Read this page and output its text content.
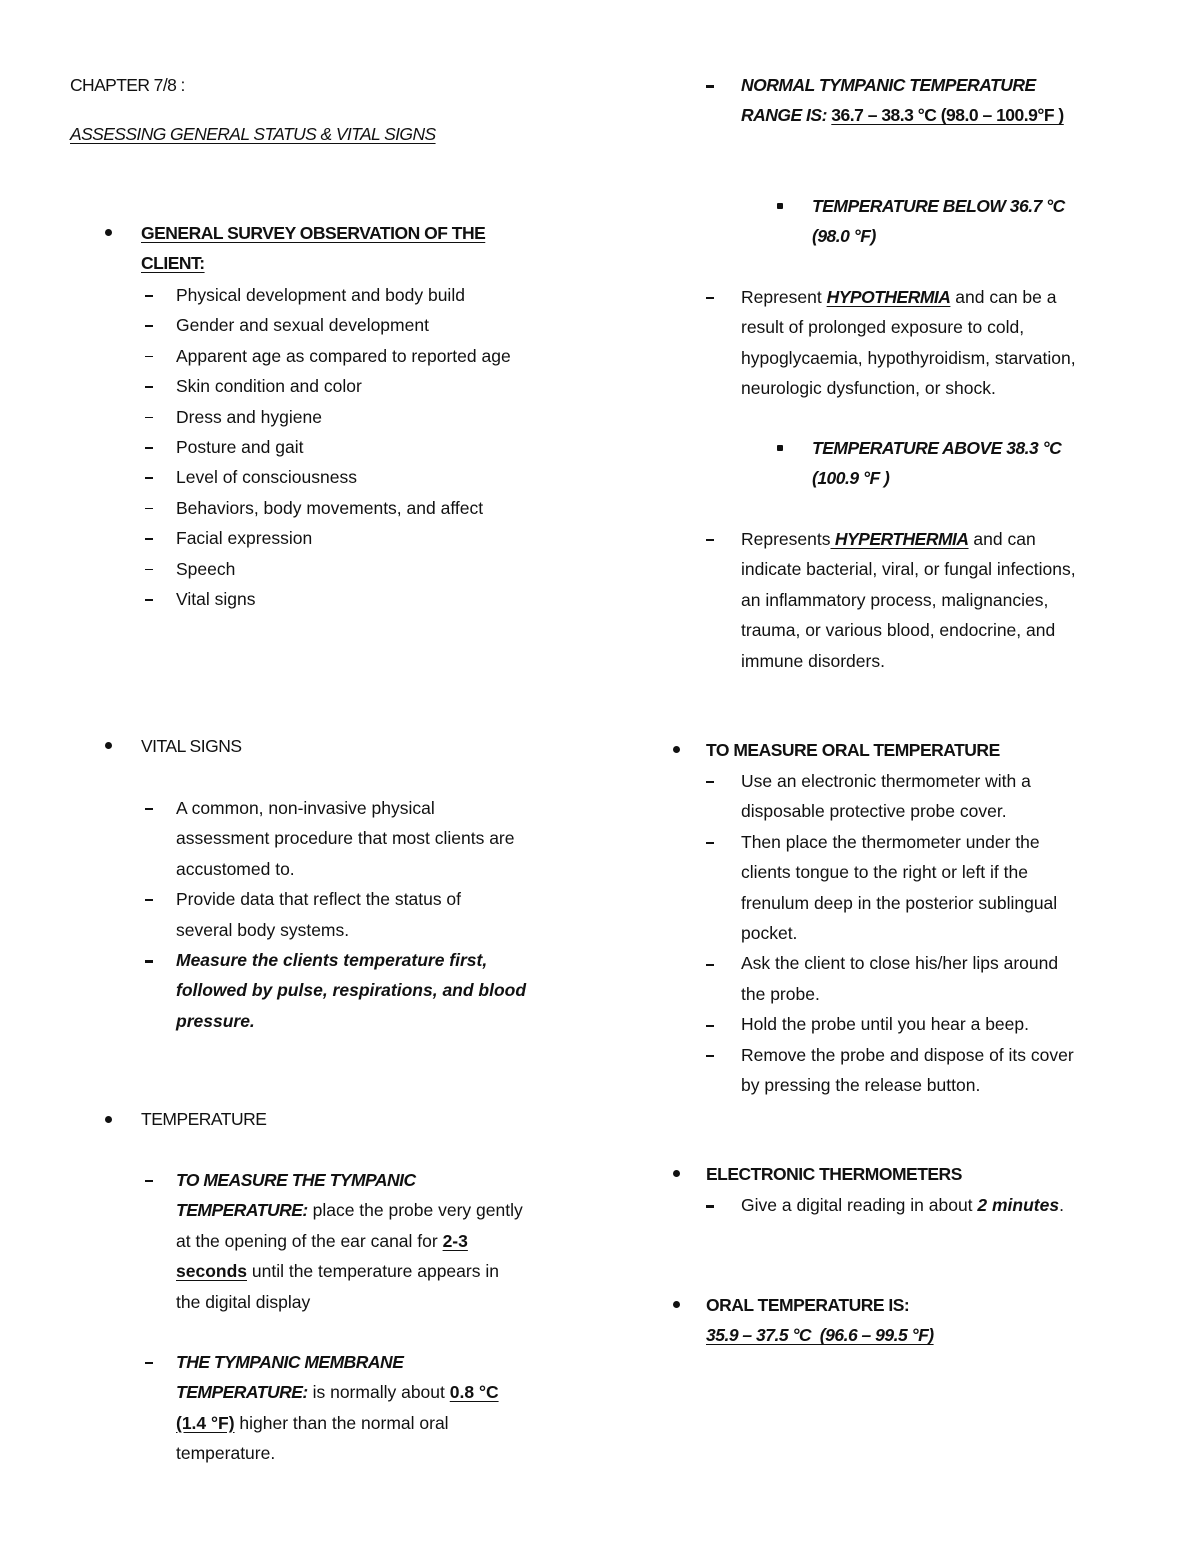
CHAPTER 7/8 :
ASSESSING GENERAL STATUS & VITAL SIGNS
GENERAL SURVEY OBSERVATION OF THE
CLIENT:
Physical development and body build
Gender and sexual development
Apparent age as compared to reported age
Skin condition and color
Dress and hygiene
Posture and gait
Level of consciousness
Behaviors, body movements, and affect
Facial expression
Speech
Vital signs
VITAL SIGNS
A common, non-invasive physical
assessment procedure that most clients are
accustomed to.
Provide data that reflect the status of
several body systems.
Measure the clients temperature first,
followed by pulse, respirations, and blood
pressure.
TEMPERATURE
TO MEASURE THE TYMPANIC
TEMPERATURE: place the probe very gently
at the opening of the ear canal for 2-3
seconds until the temperature appears in
the digital display
THE TYMPANIC MEMBRANE
TEMPERATURE: is normally about 0.8 °C
(1.4 °F) higher than the normal oral
temperature.
NORMAL TYMPANIC TEMPERATURE
RANGE IS: 36.7 – 38.3 °C (98.0 – 100.9°F )
TEMPERATURE BELOW 36.7 °C
(98.0 °F)
Represent HYPOTHERMIA and can be a
result of prolonged exposure to cold,
hypoglycaemia, hypothyroidism, starvation,
neurologic dysfunction, or shock.
TEMPERATURE ABOVE 38.3 °C
(100.9 °F )
Represents HYPERTHERMIA and can
indicate bacterial, viral, or fungal infections,
an inflammatory process, malignancies,
trauma, or various blood, endocrine, and
immune disorders.
TO MEASURE ORAL TEMPERATURE
Use an electronic thermometer with a
disposable protective probe cover.
Then place the thermometer under the
clients tongue to the right or left if the
frenulum deep in the posterior sublingual
pocket.
Ask the client to close his/her lips around
the probe.
Hold the probe until you hear a beep.
Remove the probe and dispose of its cover
by pressing the release button.
ELECTRONIC THERMOMETERS
Give a digital reading in about 2 minutes.
ORAL TEMPERATURE IS:
35.9 – 37.5 °C  (96.6 – 99.5 °F)
